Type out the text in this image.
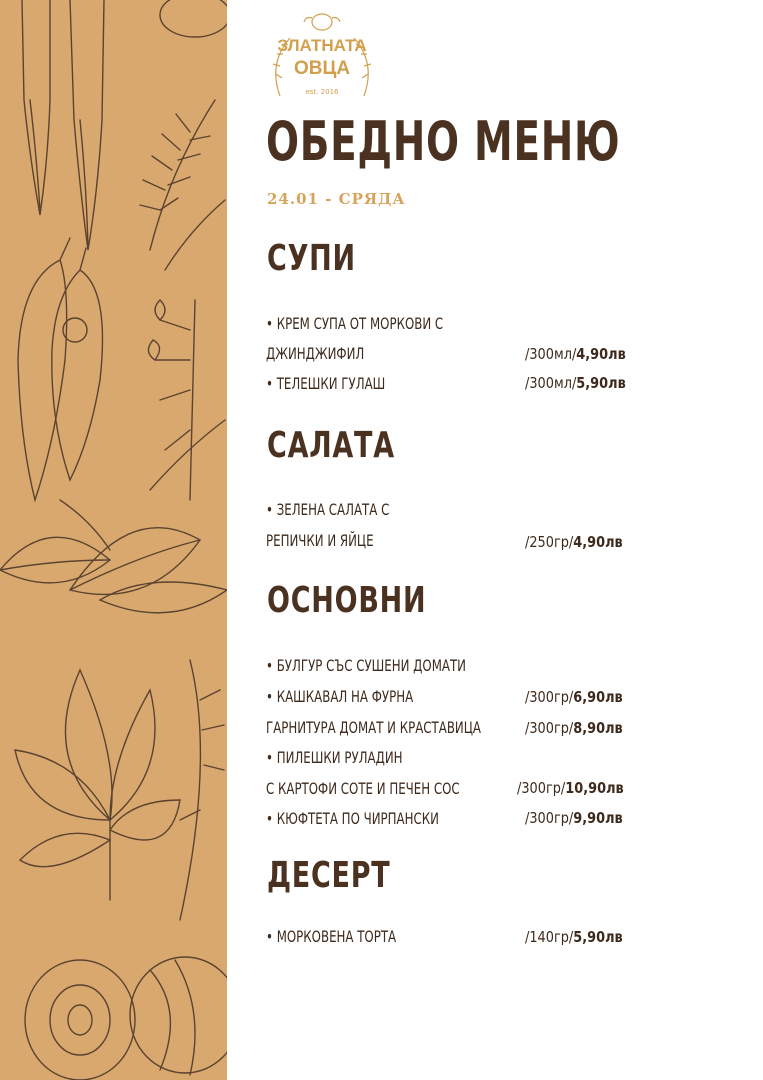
ЗЛАТНАТА
ОВЦА
est. 2016
ОБЕДНО МЕНЮ
24.01 - СРЯДА
СУПИ
• КРЕМ СУПА ОТ МОРКОВИ С
ДЖИНДЖИФИЛ	/300мл/4,90лв
• ТЕЛЕШКИ ГУЛАШ	/300мл/5,90лв
САЛАТА
• ЗЕЛЕНА САЛАТА С
РЕПИЧКИ И ЯЙЦЕ	/250гр/4,90лв
ОСНОВНИ
• БУЛГУР СЪС СУШЕНИ ДОМАТИ
• КАШКАВАЛ НА ФУРНА	/300гр/6,90лв
ГАРНИТУРА ДОМАТ И КРАСТАВИЦА	/300гр/8,90лв
• ПИЛЕШКИ РУЛАДИН
С КАРТОФИ СОТЕ И ПЕЧЕН СОС	/300гр/10,90лв
• КЮФТЕТА ПО ЧИРПАНСКИ	/300гр/9,90лв
ДЕСЕРТ
• МОРКОВЕНА ТОРТА	/140гр/5,90лв
